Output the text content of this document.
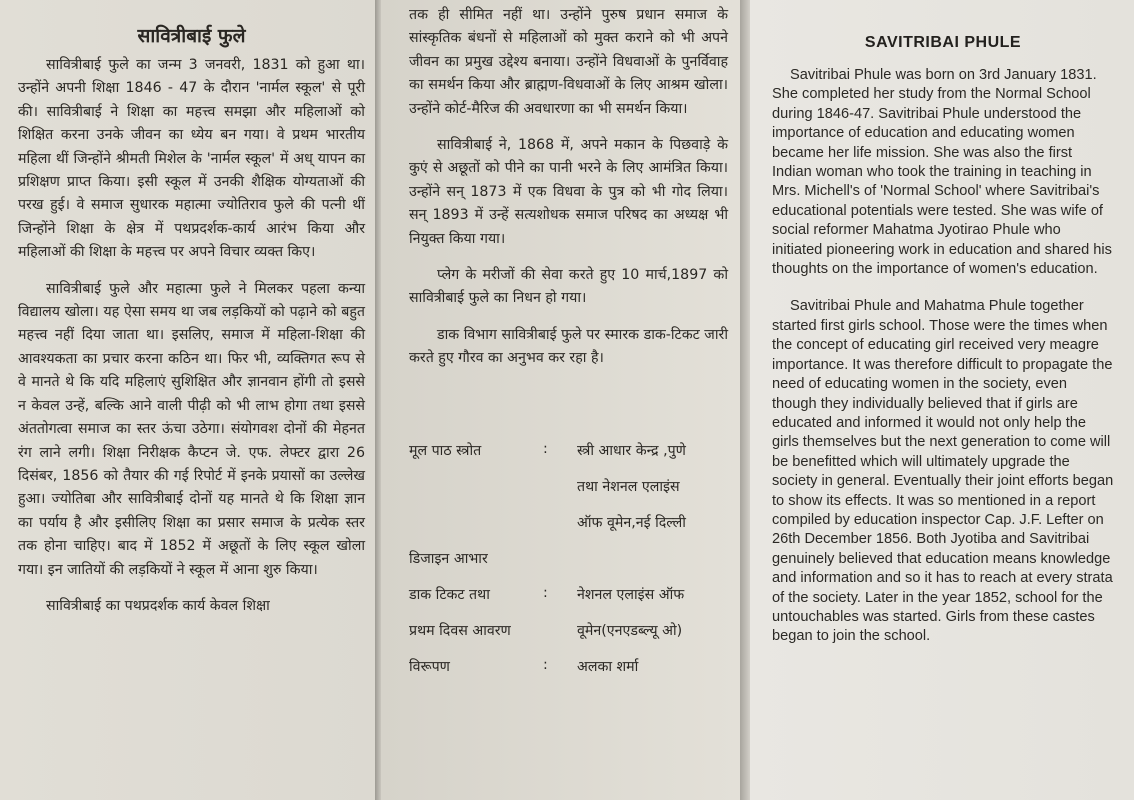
सावित्रीबाई फुले

सावित्रीबाई फुले का जन्म 3 जनवरी, 1831 को हुआ था। उन्होंने अपनी शिक्षा 1846 - 47 के दौरान 'नार्मल स्कूल' से पूरी की। सावित्रीबाई ने शिक्षा का महत्त्व समझा और महिलाओं को शिक्षित करना उनके जीवन का ध्येय बन गया। वे प्रथम भारतीय महिला थीं जिन्होंने श्रीमती मिशेल के 'नार्मल स्कूल' में अध् यापन का प्रशिक्षण प्राप्त किया। इसी स्कूल में उनकी शैक्षिक योग्यताओं की परख हुई। वे समाज सुधारक महात्मा ज्योतिराव फुले की पत्नी थीं जिन्होंने शिक्षा के क्षेत्र में पथप्रदर्शक-कार्य आरंभ किया और महिलाओं की शिक्षा के महत्त्व पर अपने विचार व्यक्त किए।

सावित्रीबाई फुले और महात्मा फुले ने मिलकर पहला कन्या विद्यालय खोला। यह ऐसा समय था जब लड़कियों को पढ़ाने को बहुत महत्त्व नहीं दिया जाता था। इसलिए, समाज में महिला-शिक्षा की आवश्यकता का प्रचार करना कठिन था। फिर भी, व्यक्तिगत रूप से वे मानते थे कि यदि महिलाएं सुशिक्षित और ज्ञानवान होंगी तो इससे न केवल उन्हें, बल्कि आने वाली पीढ़ी को भी लाभ होगा तथा इससे अंततोगत्वा समाज का स्तर ऊंचा उठेगा। संयोगवश दोनों की मेहनत रंग लाने लगी। शिक्षा निरीक्षक कैप्टन जे. एफ. लेफ्टर द्वारा 26 दिसंबर, 1856 को तैयार की गई रिपोर्ट में इनके प्रयासों का उल्लेख हुआ। ज्योतिबा और सावित्रीबाई दोनों यह मानते थे कि शिक्षा ज्ञान का पर्याय है और इसीलिए शिक्षा का प्रसार समाज के प्रत्येक स्तर तक होना चाहिए। बाद में 1852 में अछूतों के लिए स्कूल खोला गया। इन जातियों की लड़कियों ने स्कूल में आना शुरु किया।

सावित्रीबाई का पथप्रदर्शक कार्य केवल शिक्षा

तक ही सीमित नहीं था। उन्होंने पुरुष प्रधान समाज के सांस्कृतिक बंधनों से महिलाओं को मुक्त कराने को भी अपने जीवन का प्रमुख उद्देश्य बनाया। उन्होंने विधवाओं के पुनर्विवाह का समर्थन किया और ब्राह्मण-विधवाओं के लिए आश्रम खोला। उन्होंने कोर्ट-मैरिज की अवधारणा का भी समर्थन किया।

सावित्रीबाई ने, 1868 में, अपने मकान के पिछवाड़े के कुएं से अछूतों को पीने का पानी भरने के लिए आमंत्रित किया। उन्होंने सन् 1873 में एक विधवा के पुत्र को भी गोद लिया। सन् 1893 में उन्हें सत्यशोधक समाज परिषद का अध्यक्ष भी नियुक्त किया गया।

प्लेग के मरीजों की सेवा करते हुए 10 मार्च,1897 को सावित्रीबाई फुले का निधन हो गया।

डाक विभाग सावित्रीबाई फुले पर स्मारक डाक-टिकट जारी करते हुए गौरव का अनुभव कर रहा है।

मूल पाठ स्त्रोत	:	स्त्री आधार केन्द्र ,पुणे
तथा नेशनल एलाइंस
ऑफ वूमेन,नई दिल्ली
डिजाइन आभार
डाक टिकट तथा	:	नेशनल एलाइंस ऑफ
प्रथम दिवस आवरण	वूमेन(एनएडब्ल्यू ओ)
विरूपण	:	अलका शर्मा
SAVITRIBAI PHULE

Savitribai Phule was born on 3rd January 1831. She completed her study from the Normal School during 1846-47. Savitribai Phule understood the importance of education and educating women became her life mission. She was also the first Indian woman who took the training in teaching in Mrs. Michell's of 'Normal School' where Savitribai's educational potentials were tested. She was wife of social reformer Mahatma Jyotirao Phule who initiated pioneering work in education and shared his thoughts on the importance of women's education.

Savitribai Phule and Mahatma Phule together started first girls school. Those were the times when the concept of educating girl received very meagre importance. It was therefore difficult to propagate the need of educating women in the society, even though they individually believed that if girls are educated and informed it would not only help the girls themselves but the next generation to come will be benefitted which will ultimately upgrade the society in general. Eventually their joint efforts began to show its effects. It was so mentioned in a report compiled by education inspector Cap. J.F. Lefter on 26th December 1856. Both Jyotiba and Savitribai genuinely believed that education means knowledge and information and so it has to reach at every strata of the society. Later in the year 1852, school for the untouchables was started. Girls from these castes began to join the school.
